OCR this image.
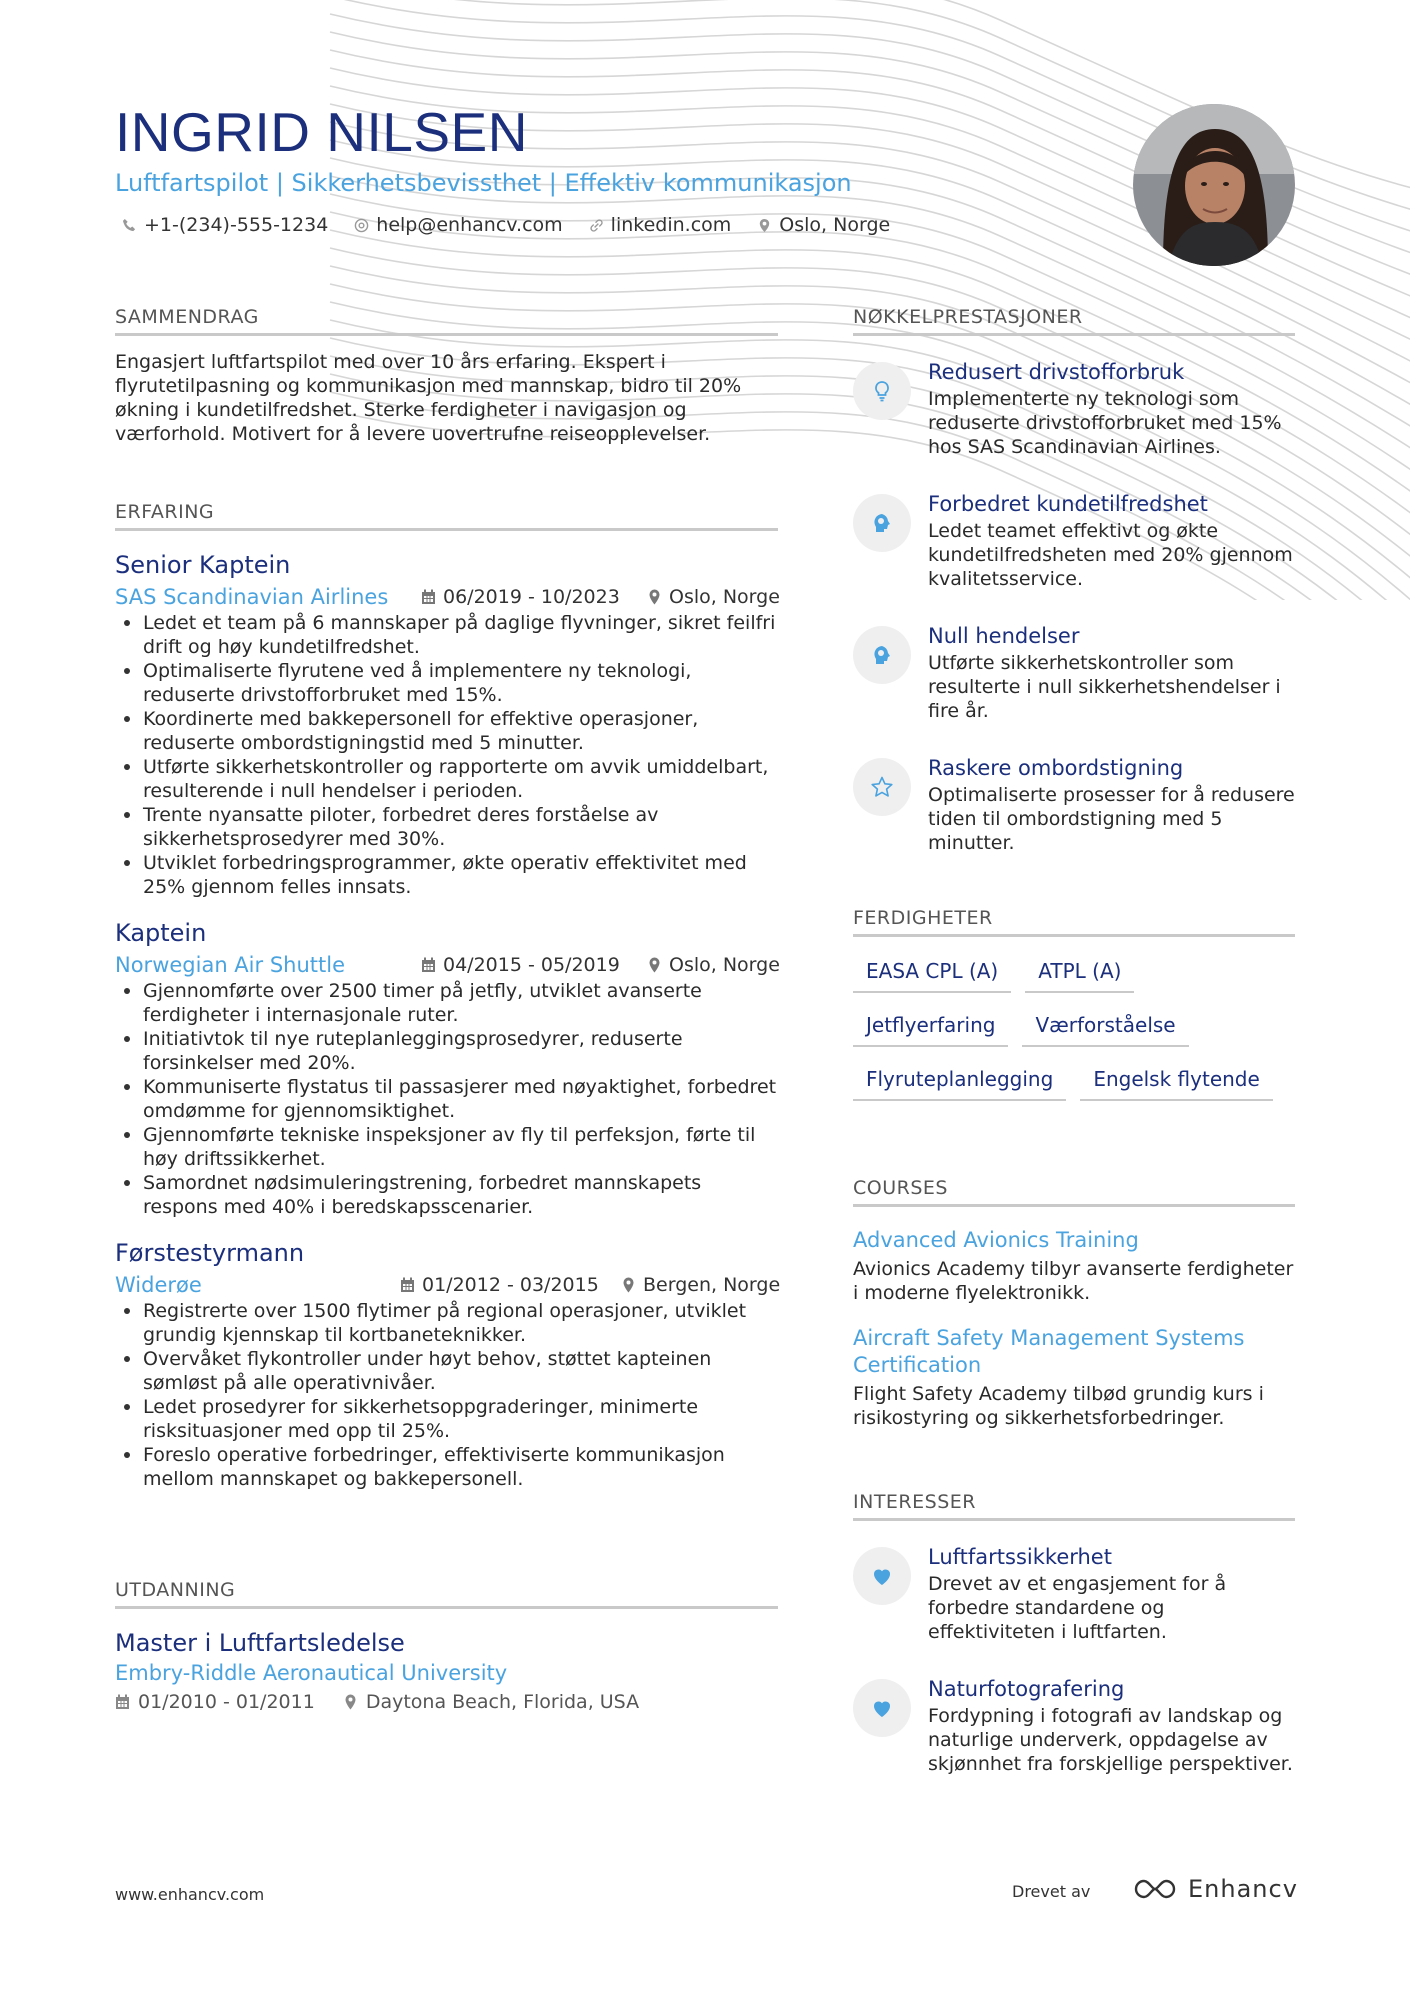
INGRID NILSEN
Luftfartspilot | Sikkerhetsbevissthet | Effektiv kommunikasjon
+1-(234)-555-1234	help@enhancv.com	linkedin.com	Oslo, Norge
SAMMENDRAG
Engasjert luftfartspilot med over 10 års erfaring. Ekspert i flyrutetilpasning og kommunikasjon med mannskap, bidro til 20% økning i kundetilfredshet. Sterke ferdigheter i navigasjon og værforhold. Motivert for å levere uovertrufne reiseopplevelser.
ERFARING
Senior Kaptein
SAS Scandinavian Airlines	06/2019 - 10/2023	Oslo, Norge
Ledet et team på 6 mannskaper på daglige flyvninger, sikret feilfri drift og høy kundetilfredshet.
Optimaliserte flyrutene ved å implementere ny teknologi, reduserte drivstofforbruket med 15%.
Koordinerte med bakkepersonell for effektive operasjoner, reduserte ombordstigningstid med 5 minutter.
Utførte sikkerhetskontroller og rapporterte om avvik umiddelbart, resulterende i null hendelser i perioden.
Trente nyansatte piloter, forbedret deres forståelse av sikkerhetsprosedyrer med 30%.
Utviklet forbedringsprogrammer, økte operativ effektivitet med 25% gjennom felles innsats.
Kaptein
Norwegian Air Shuttle	04/2015 - 05/2019	Oslo, Norge
Gjennomførte over 2500 timer på jetfly, utviklet avanserte ferdigheter i internasjonale ruter.
Initiativtok til nye ruteplanleggingsprosedyrer, reduserte forsinkelser med 20%.
Kommuniserte flystatus til passasjerer med nøyaktighet, forbedret omdømme for gjennomsiktighet.
Gjennomførte tekniske inspeksjoner av fly til perfeksjon, førte til høy driftssikkerhet.
Samordnet nødsimuleringstrening, forbedret mannskapets respons med 40% i beredskapsscenarier.
Førstestyrmann
Widerøe	01/2012 - 03/2015 Bergen, Norge
Registrerte over 1500 flytimer på regional operasjoner, utviklet grundig kjennskap til kortbaneteknikker.
Overvåket flykontroller under høyt behov, støttet kapteinen sømløst på alle operativnivåer.
Ledet prosedyrer for sikkerhetsoppgraderinger, minimerte risksituasjoner med opp til 25%.
Foreslo operative forbedringer, effektiviserte kommunikasjon mellom mannskapet og bakkepersonell.
UTDANNING
Master i Luftfartsledelse
Embry-Riddle Aeronautical University
01/2010 - 01/2011	Daytona Beach, Florida, USA
NØKKELPRESTASJONER
Redusert drivstofforbruk
Implementerte ny teknologi som reduserte drivstofforbruket med 15% hos SAS Scandinavian Airlines.
Forbedret kundetilfredshet
Ledet teamet effektivt og økte kundetilfredsheten med 20% gjennom kvalitetsservice.
Null hendelser
Utførte sikkerhetskontroller som resulterte i null sikkerhetshendelser i fire år.
Raskere ombordstigning
Optimaliserte prosesser for å redusere tiden til ombordstigning med 5 minutter.
FERDIGHETER
EASA CPL (A)	ATPL (A)
Jetflyerfaring	Værforståelse
Flyruteplanlegging	Engelsk flytende
COURSES
Advanced Avionics Training
Avionics Academy tilbyr avanserte ferdigheter i moderne flyelektronikk.
Aircraft Safety Management Systems Certification
Flight Safety Academy tilbød grundig kurs i risikostyring og sikkerhetsforbedringer.
INTERESSER
Luftfartssikkerhet
Drevet av et engasjement for å forbedre standardene og effektiviteten i luftfarten.
Naturfotografering
Fordypning i fotografi av landskap og naturlige underverk, oppdagelse av skjønnhet fra forskjellige perspektiver.
www.enhancv.com	Drevet av	Enhancv
